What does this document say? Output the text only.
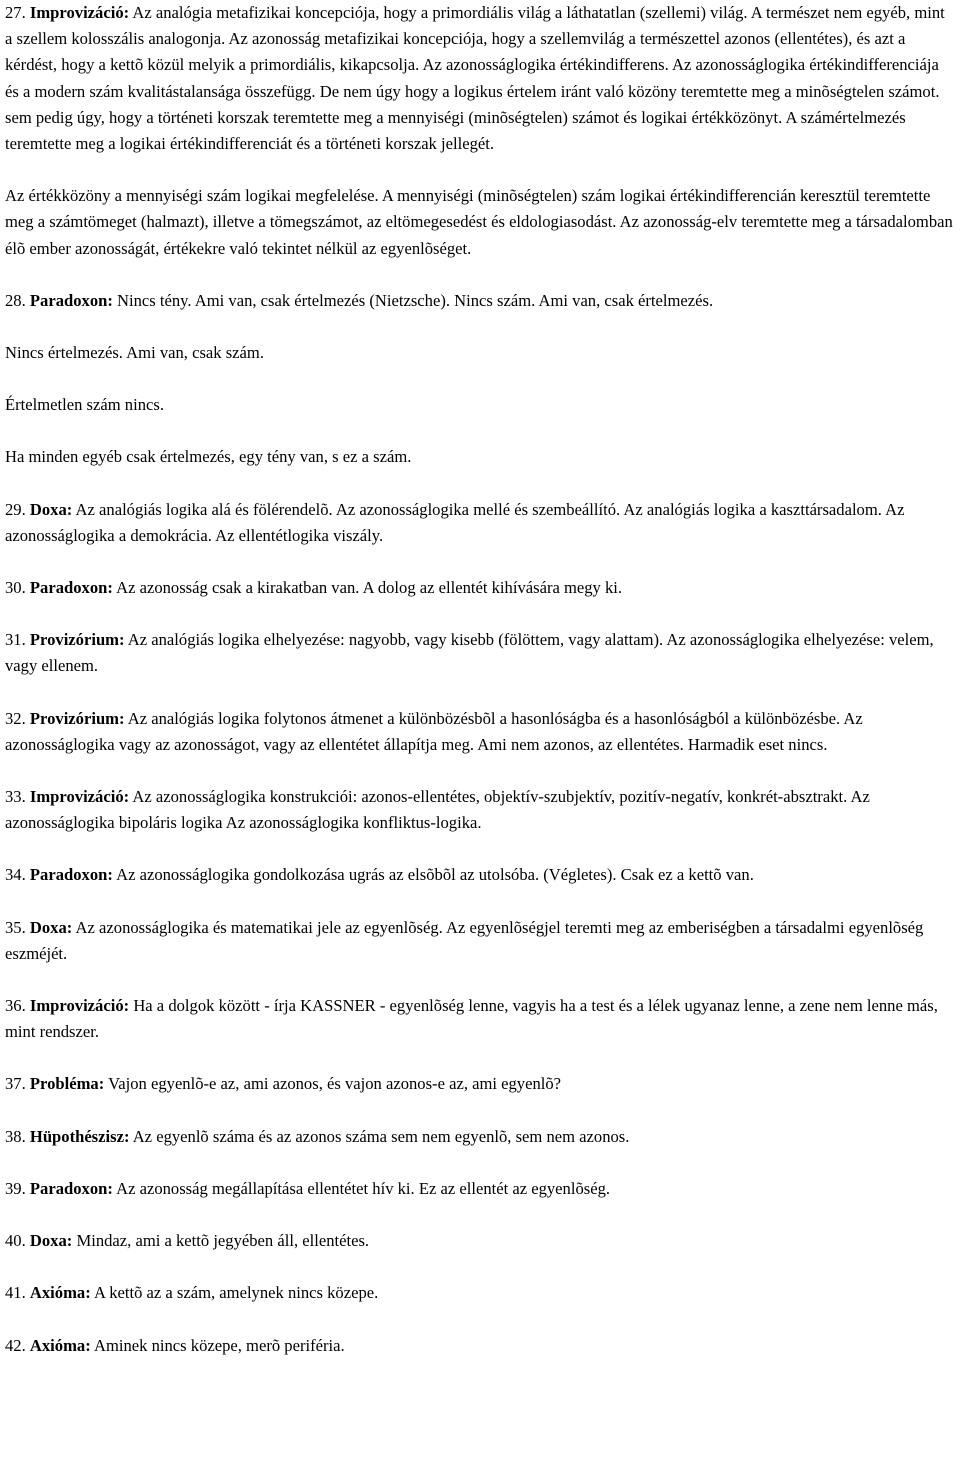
27. Improvizáció: Az analógia metafizikai koncepciója, hogy a primordiális világ a láthatatlan (szellemi) világ. A természet nem egyéb, mint a szellem kolosszális analogonja. Az azonosság metafizikai koncepciója, hogy a szellemvilág a természettel azonos (ellentétes), és azt a kérdést, hogy a kettõ közül melyik a primordiális, kikapcsolja. Az azonosságlogika értékindifferens. Az azonosságlogika értékindifferenciája és a modern szám kvalitástalansága összefügg. De nem úgy hogy a logikus értelem iránt való közöny teremtette meg a minõségtelen számot. sem pedig úgy, hogy a történeti korszak teremtette meg a mennyiségi (minõségtelen) számot és logikai értékközönyt. A számértelmezés teremtette meg a logikai értékindifferenciát és a történeti korszak jellegét.

Az értékközöny a mennyiségi szám logikai megfelelése. A mennyiségi (minõségtelen) szám logikai értékindifferencián keresztül teremtette meg a számtömeget (halmazt), illetve a tömegszámot, az eltömegesedést és eldologiasodást. Az azonosság-elv teremtette meg a társadalomban élõ ember azonosságát, értékekre való tekintet nélkül az egyenlõséget.

28. Paradoxon: Nincs tény. Ami van, csak értelmezés (Nietzsche). Nincs szám. Ami van, csak értelmezés.

Nincs értelmezés. Ami van, csak szám.

Értelmetlen szám nincs.

Ha minden egyéb csak értelmezés, egy tény van, s ez a szám.

29. Doxa: Az analógiás logika alá és fölérendelõ. Az azonosságlogika mellé és szembeállító. Az analógiás logika a kaszttársadalom. Az azonosságlogika a demokrácia. Az ellentétlogika viszály.

30. Paradoxon: Az azonosság csak a kirakatban van. A dolog az ellentét kihívására megy ki.

31. Provizórium: Az analógiás logika elhelyezése: nagyobb, vagy kisebb (fölöttem, vagy alattam). Az azonosságlogika elhelyezése: velem, vagy ellenem.

32. Provizórium: Az analógiás logika folytonos átmenet a különbözésbõl a hasonlóságba és a hasonlóságból a különbözésbe. Az azonosságlogika vagy az azonosságot, vagy az ellentétet állapítja meg. Ami nem azonos, az ellentétes. Harmadik eset nincs.

33. Improvizáció: Az azonosságlogika konstrukciói: azonos-ellentétes, objektív-szubjektív, pozitív-negatív, konkrét-absztrakt. Az azonosságlogika bipoláris logika Az azonosságlogika konfliktus-logika.

34. Paradoxon: Az azonosságlogika gondolkozása ugrás az elsõbõl az utolsóba. (Végletes). Csak ez a kettõ van.

35. Doxa: Az azonosságlogika és matematikai jele az egyenlõség. Az egyenlõségjel teremti meg az emberiségben a társadalmi egyenlõség eszméjét.

36. Improvizáció: Ha a dolgok között - írja KASSNER - egyenlõség lenne, vagyis ha a test és a lélek ugyanaz lenne, a zene nem lenne más, mint rendszer.

37. Probléma: Vajon egyenlõ-e az, ami azonos, és vajon azonos-e az, ami egyenlõ?

38. Hüpothészisz: Az egyenlõ száma és az azonos száma sem nem egyenlõ, sem nem azonos.

39. Paradoxon: Az azonosság megállapítása ellentétet hív ki. Ez az ellentét az egyenlõség.

40. Doxa: Mindaz, ami a kettõ jegyében áll, ellentétes.

41. Axióma: A kettõ az a szám, amelynek nincs közepe.

42. Axióma: Aminek nincs közepe, merõ periféria.
